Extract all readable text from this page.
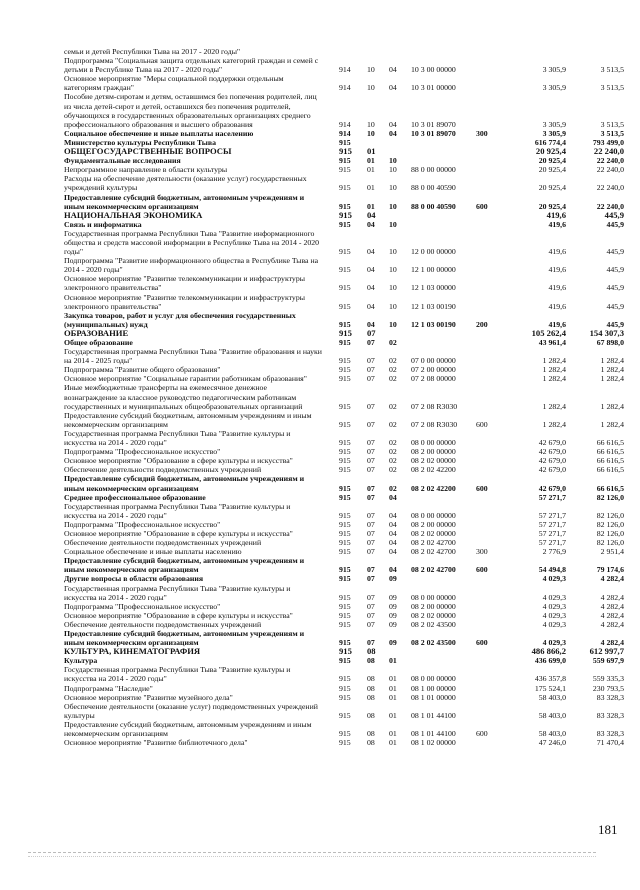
семьи и детей Республики Тыва на 2017 - 2020 годы"
Подпрограмма "Социальная защита отдельных категорий граждан и семей с детьми в Республике Тыва на 2017 - 2020 годы"	914 10 04 10 3 00 00000	3 305,9	3 513,5
Основное мероприятие "Меры социальной поддержки отдельным категориям граждан"	914 10 04 10 3 01 00000	3 305,9	3 513,5
Пособие детям-сиротам и детям, оставшимся без попечения родителей, лиц из числа детей-сирот и детей, оставшихся без попечения родителей, обучающихся в государственных образовательных организациях среднего профессионального образования и высшего образования	914 10 04 10 3 01 89070	3 305,9	3 513,5
Социальное обеспечение и иные выплаты населению	914 10 04 10 3 01 89070	300	3 305,9	3 513,5
Министерство культуры Республики Тыва	915	616 774,4	793 499,0
ОБЩЕГОСУДАРСТВЕННЫЕ ВОПРОСЫ	915 01	20 925,4	22 240,0
Фундаментальные исследования	915 01 10	20 925,4	22 240,0
Непрограммное направление в области культуры	915 01 10 88 0 00 00000	20 925,4	22 240,0
Расходы на обеспечение деятельности (оказание услуг) государственных учреждений культуры	915 01 10 88 0 00 40590	20 925,4	22 240,0
Предоставление субсидий бюджетным, автономным учреждениям и иным некоммерческим организациям	915 01 10 88 0 00 40590	600	20 925,4	22 240,0
НАЦИОНАЛЬНАЯ ЭКОНОМИКА	915 04	419,6	445,9
Связь и информатика	915 04 10	419,6	445,9
Государственная программа Республики Тыва "Развитие информационного общества и средств массовой информации в Республике Тыва на 2014 - 2020 годы"	915 04 10 12 0 00 00000	419,6	445,9
Подпрограмма "Развитие информационного общества в Республике Тыва на 2014 - 2020 годы"	915 04 10 12 1 00 00000	419,6	445,9
Основное мероприятие "Развитие телекоммуникации и инфраструктуры электронного правительства"	915 04 10 12 1 03 00000	419,6	445,9
Основное мероприятие "Развитие телекоммуникации и инфраструктуры электронного правительства"	915 04 10 12 1 03 00190	419,6	445,9
Закупка товаров, работ и услуг для обеспечения государственных (муниципальных) нужд	915 04 10 12 1 03 00190	200	419,6	445,9
ОБРАЗОВАНИЕ	915 07	105 262,4	154 307,3
Общее образование	915 07 02	43 961,4	67 898,0
Государственная программа Республики Тыва "Развитие образования и науки на 2014 - 2025 годы"	915 07 02 07 0 00 00000	1 282,4	1 282,4
Подпрограмма "Развитие общего образования"	915 07 02 07 2 00 00000	1 282,4	1 282,4
Основное мероприятие "Социальные гарантии работникам образования"	915 07 02 07 2 08 00000	1 282,4	1 282,4
Иные межбюджетные трансферты на ежемесячное денежное вознаграждение за классное руководство педагогическим работникам государственных и муниципальных общеобразовательных организаций	915 07 02 07 2 08 R3030	1 282,4	1 282,4
Предоставление субсидий бюджетным, автономным учреждениям и иным некоммерческим организациям	915 07 02 07 2 08 R3030 600	1 282,4	1 282,4
Государственная программа Республики Тыва "Развитие культуры и искусства на 2014 - 2020 годы"	915 07 02 08 0 00 00000	42 679,0	66 616,5
Подпрограмма "Профессиональное искусство"	915 07 02 08 2 00 00000	42 679,0	66 616,5
Основное мероприятие "Образование в сфере культуры и искусства"	915 07 02 08 2 02 00000	42 679,0	66 616,5
Обеспечение деятельности подведомственных учреждений	915 07 02 08 2 02 42200	42 679,0	66 616,5
Предоставление субсидий бюджетным, автономным учреждениям и иным некоммерческим организациям	915 07 02 08 2 02 42200	600	42 679,0	66 616,5
Среднее профессиональное образование	915 07 04	57 271,7	82 126,0
Государственная программа Республики Тыва "Развитие культуры и искусства на 2014 - 2020 годы"	915 07 04 08 0 00 00000	57 271,7	82 126,0
Подпрограмма "Профессиональное искусство"	915 07 04 08 2 00 00000	57 271,7	82 126,0
Основное мероприятие "Образование в сфере культуры и искусства"	915 07 04 08 2 02 00000	57 271,7	82 126,0
Обеспечение деятельности подведомственных учреждений	915 07 04 08 2 02 42700	57 271,7	82 126,0
Социальное обеспечение и иные выплаты населению	915 07 04 08 2 02 42700	300	2 776,9	2 951,4
Предоставление субсидий бюджетным, автономным учреждениям и иным некоммерческим организациям	915 07 04 08 2 02 42700	600	54 494,8	79 174,6
Другие вопросы в области образования	915 07 09	4 029,3	4 282,4
Государственная программа Республики Тыва "Развитие культуры и искусства на 2014 - 2020 годы"	915 07 09 08 0 00 00000	4 029,3	4 282,4
Подпрограмма "Профессиональное искусство"	915 07 09 08 2 00 00000	4 029,3	4 282,4
Основное мероприятие "Образование в сфере культуры и искусства"	915 07 09 08 2 02 00000	4 029,3	4 282,4
Обеспечение деятельности подведомственных учреждений	915 07 09 08 2 02 43500	4 029,3	4 282,4
Предоставление субсидий бюджетным, автономным учреждениям и иным некоммерческим организациям	915 07 09 08 2 02 43500	600	4 029,3	4 282,4
КУЛЬТУРА, КИНЕМАТОГРАФИЯ	915 08	486 866,2	612 997,7
Культура	915 08 01	436 699,0	559 697,9
Государственная программа Республики Тыва "Развитие культуры и искусства на 2014 - 2020 годы"	915 08 01 08 0 00 00000	436 357,8	559 335,3
Подпрограмма "Наследие"	915 08 01 08 1 00 00000	175 524,1	230 793,5
Основное мероприятие "Развитие музейного дела"	915 08 01 08 1 01 00000	58 403,0	83 328,3
Обеспечение деятельности (оказание услуг) подведомственных учреждений культуры	915 08 01 08 1 01 44100	58 403,0	83 328,3
Предоставление субсидий бюджетным, автономным учреждениям и иным некоммерческим организациям	915 08 01 08 1 01 44100	600	58 403,0	83 328,3
Основное мероприятие "Развитие библиотечного дела"	915 08 01 08 1 02 00000	47 246,0	71 470,4
181
